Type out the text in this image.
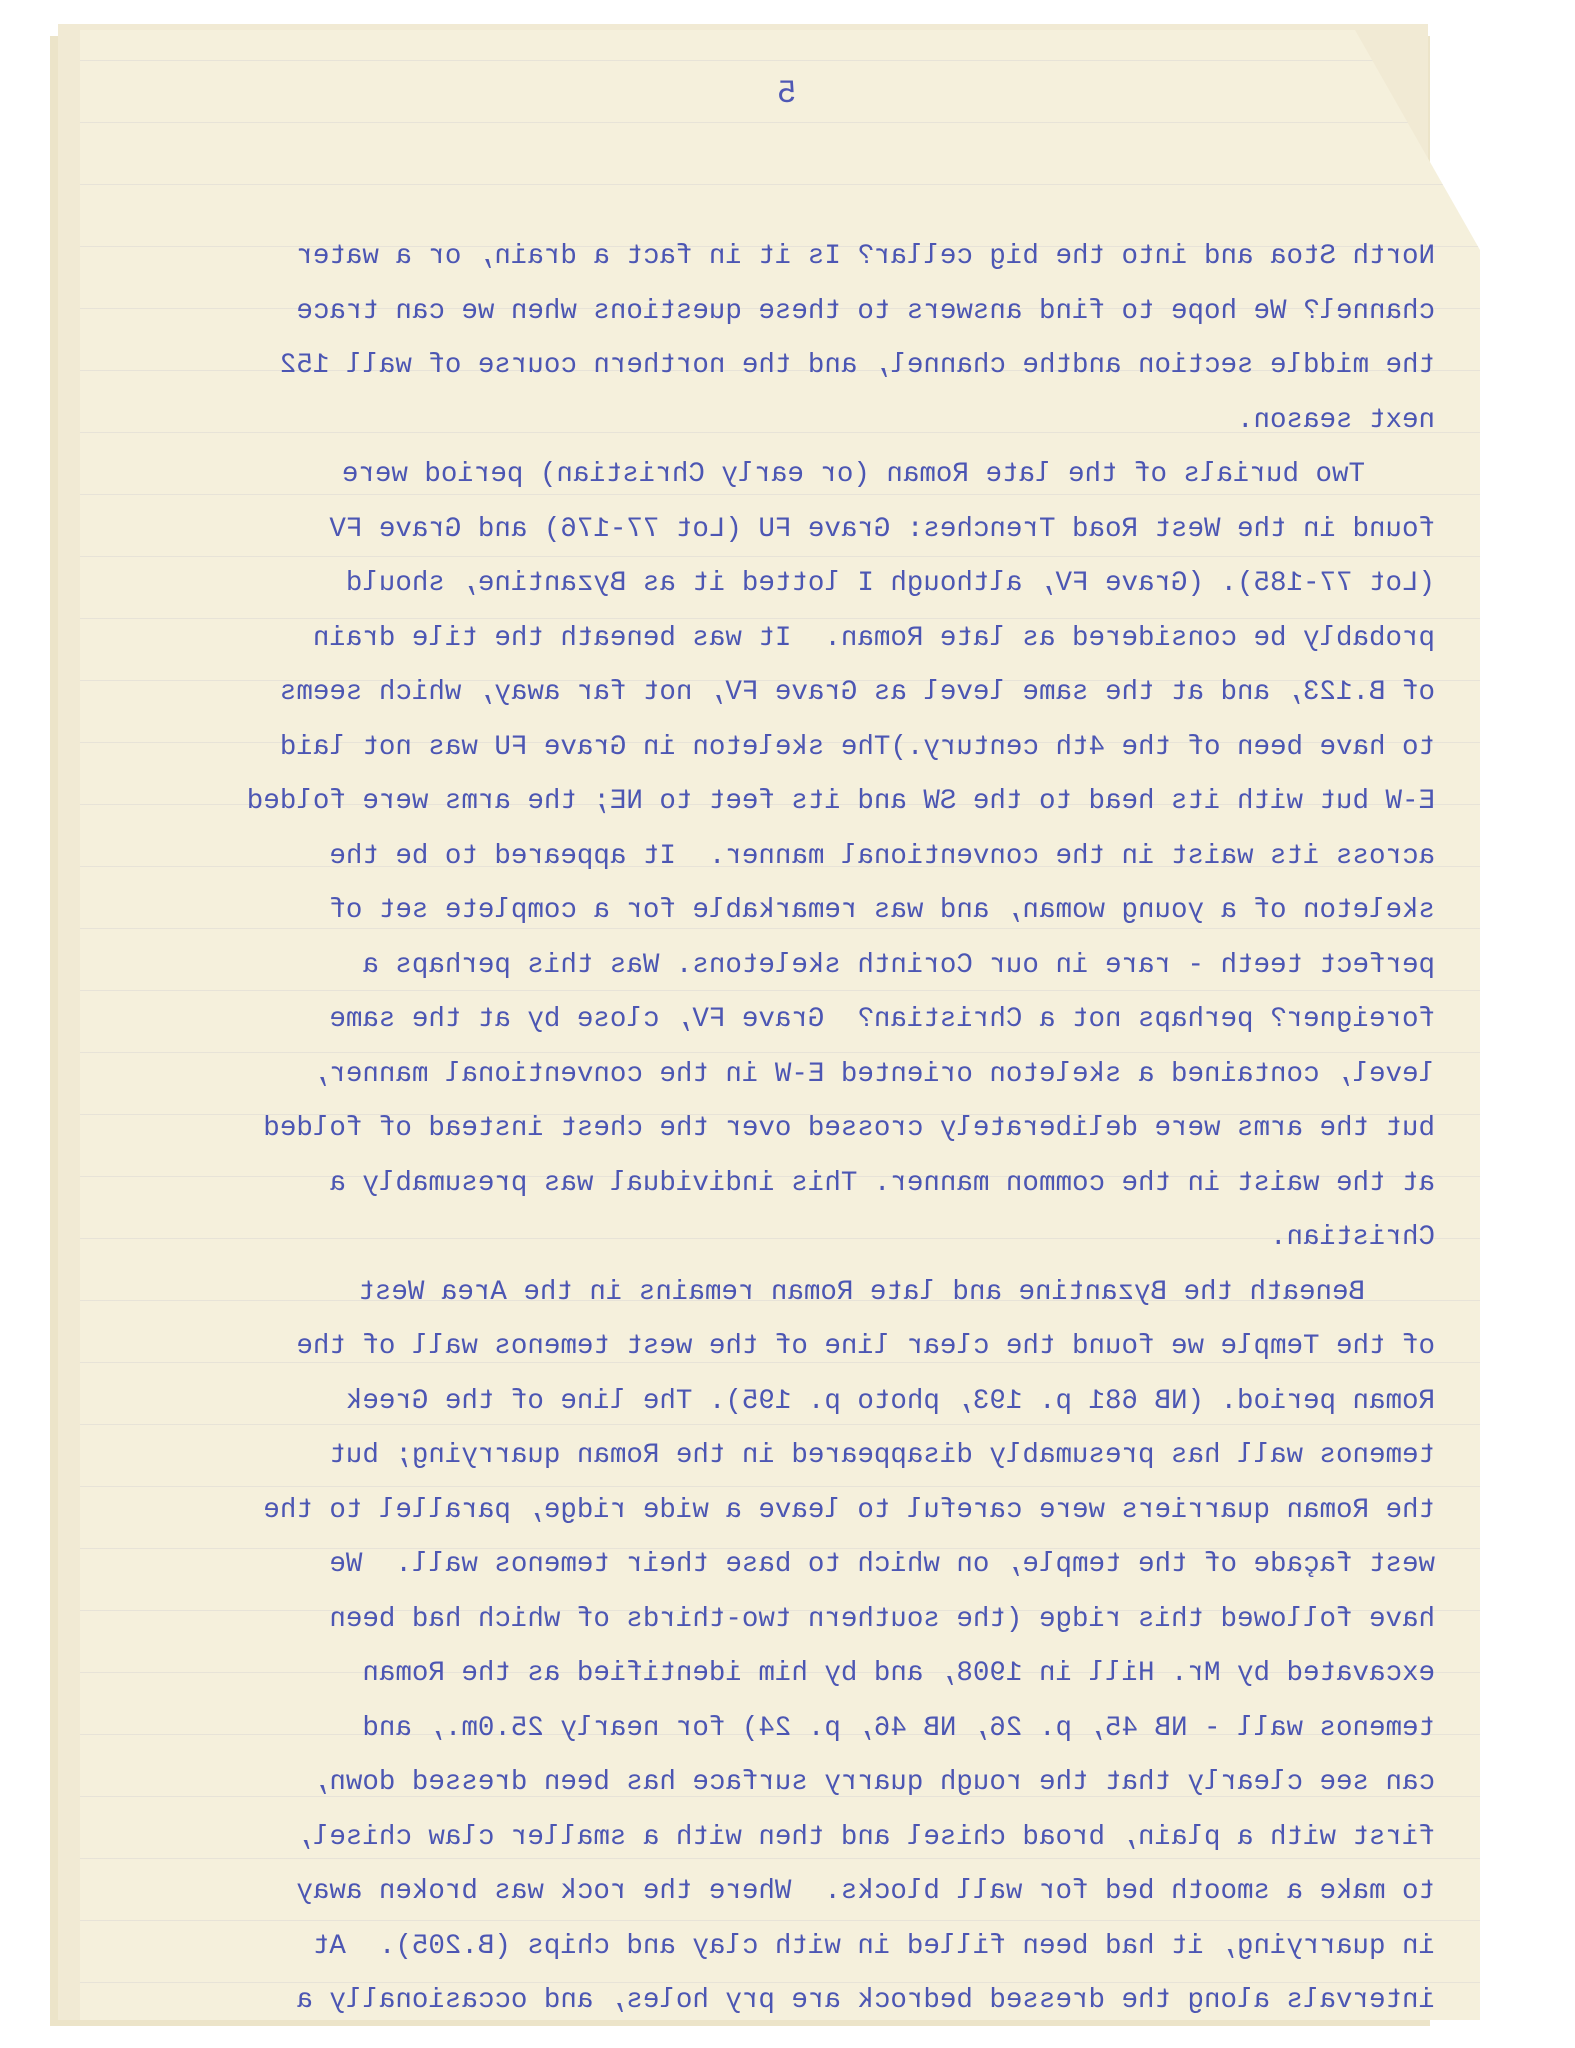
5
North Stoa and into the big cellar? Is it in fact a drain, or a water
channel? We hope to find answers to these questions when we can trace
the middle section andthe channel, and the northern course of wall 152
next season.
Two burials of the late Roman (or early Christian) period were
found in the West Road Trenches: Grave FU (Lot 77-176) and Grave FV
(Lot 77-185). (Grave FV, although I lotted it as Byzantine, should
probably be considered as late Roman.  It was beneath the tile drain
of B.123, and at the same level as Grave FV, not far away, which seems
to have been of the 4th century.)The skeleton in Grave FU was not laid
E-W but with its head to the SW and its feet to NE; the arms were folded
across its waist in the conventional manner.  It appeared to be the
skeleton of a young woman, and was remarkable for a complete set of
perfect teeth - rare in our Corinth skeletons. Was this perhaps a
foreigner? perhaps not a Christian?  Grave FV, close by at the same
level, contained a skeleton oriented E-W in the conventional manner,
but the arms were deliberately crossed over the chest instead of folded
at the waist in the common manner. This individual was presumably a
Christian.
Beneath the Byzantine and late Roman remains in the Area West
of the Temple we found the clear line of the west temenos wall of the
Roman period. (NB 681 p. 193, photo p. 195). The line of the Greek
temenos wall has presumably disappeared in the Roman quarrying; but
the Roman quarriers were careful to leave a wide ridge, parallel to the
west façade of the temple, on which to base their temenos wall.  We
have followed this ridge (the southern two-thirds of which had been
excavated by Mr. Hill in 1908, and by him identified as the Roman
temenos wall - NB 45, p. 26, NB 46, p. 24) for nearly 25.0m., and
can see clearly that the rough quarry surface has been dressed down,
first with a plain, broad chisel and then with a smaller claw chisel,
to make a smooth bed for wall blocks.  Where the rock was broken away
in quarrying, it had been filled in with clay and chips (B.205).  At
intervals along the dressed bedrock are pry holes, and occasionally a
